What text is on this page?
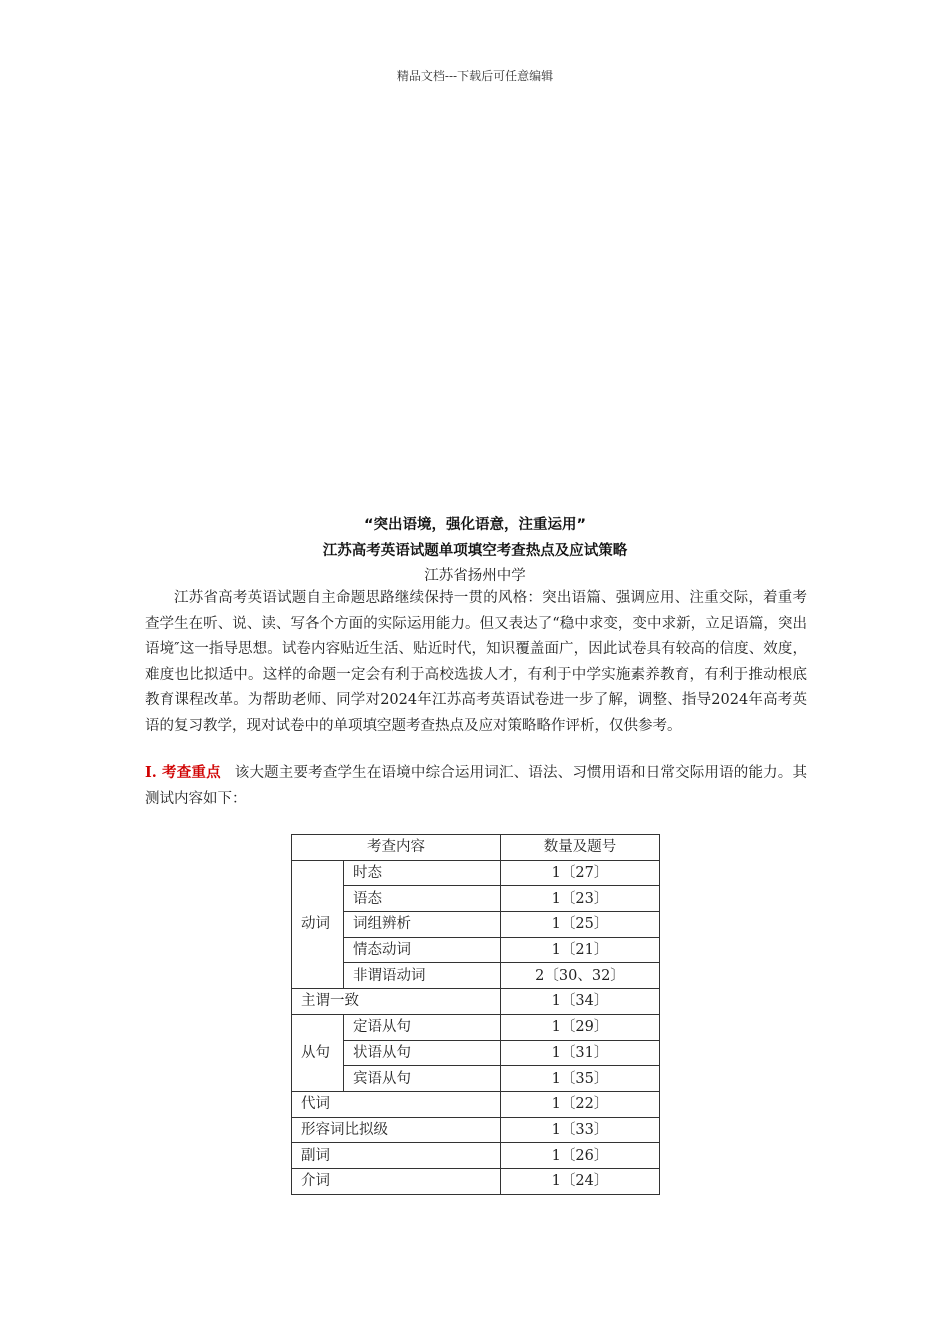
精品文档---下载后可任意编辑
“突出语境，强化语意，注重运用”
江苏高考英语试题单项填空考查热点及应试策略
江苏省扬州中学
江苏省高考英语试题自主命题思路继续保持一贯的风格：突出语篇、强调应用、注重交际，着重考查学生在听、说、读、写各个方面的实际运用能力。但又表达了“稳中求变，变中求新，立足语篇，突出语境″这一指导思想。试卷内容贴近生活、贴近时代，知识覆盖面广，因此试卷具有较高的信度、效度，难度也比拟适中。这样的命题一定会有利于高校选拔人才，有利于中学实施素养教育，有利于推动根底教育课程改革。为帮助老师、同学对2024年江苏高考英语试卷进一步了解，调整、指导2024年高考英语的复习教学，现对试卷中的单项填空题考查热点及应对策略略作评析，仅供参考。
I. 考查重点 该大题主要考查学生在语境中综合运用词汇、语法、习惯用语和日常交际用语的能力。其测试内容如下：
考查内容		数量及题号
动词	时态	1〔27〕
	语态	1〔23〕
	词组辨析	1〔25〕
	情态动词	1〔21〕
	非谓语动词	2〔30、32〕
主谓一致		1〔34〕
从句	定语从句	1〔29〕
	状语从句	1〔31〕
	宾语从句	1〔35〕
代词		1〔22〕
形容词比拟级		1〔33〕
副词		1〔26〕
介词		1〔24〕
